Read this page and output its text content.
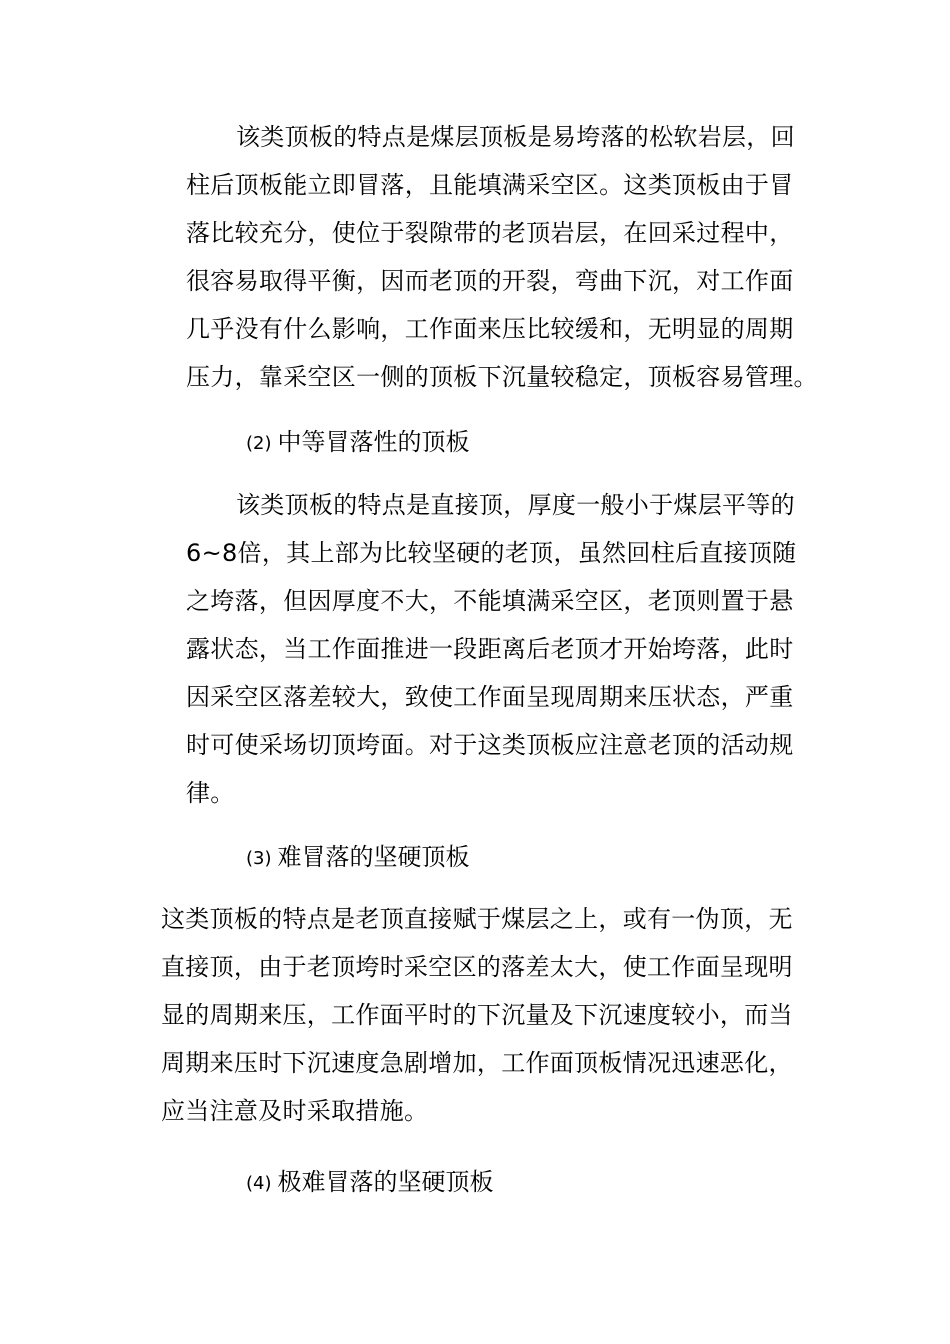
该类顶板的特点是煤层顶板是易垮落的松软岩层，回
柱后顶板能立即冒落，且能填满采空区。这类顶板由于冒
落比较充分，使位于裂隙带的老顶岩层，在回采过程中，
很容易取得平衡，因而老顶的开裂，弯曲下沉，对工作面
几乎没有什么影响，工作面来压比较缓和，无明显的周期
压力，靠采空区一侧的顶板下沉量较稳定，顶板容易管理。
(2) 中等冒落性的顶板
该类顶板的特点是直接顶，厚度一般小于煤层平等的
6~8倍，其上部为比较坚硬的老顶，虽然回柱后直接顶随
之垮落，但因厚度不大，不能填满采空区，老顶则置于悬
露状态，当工作面推进一段距离后老顶才开始垮落，此时
因采空区落差较大，致使工作面呈现周期来压状态，严重
时可使采场切顶垮面。对于这类顶板应注意老顶的活动规
律。
(3) 难冒落的坚硬顶板
这类顶板的特点是老顶直接赋于煤层之上，或有一伪顶，无
直接顶，由于老顶垮时采空区的落差太大，使工作面呈现明
显的周期来压，工作面平时的下沉量及下沉速度较小，而当
周期来压时下沉速度急剧增加，工作面顶板情况迅速恶化，
应当注意及时采取措施。
(4) 极难冒落的坚硬顶板
